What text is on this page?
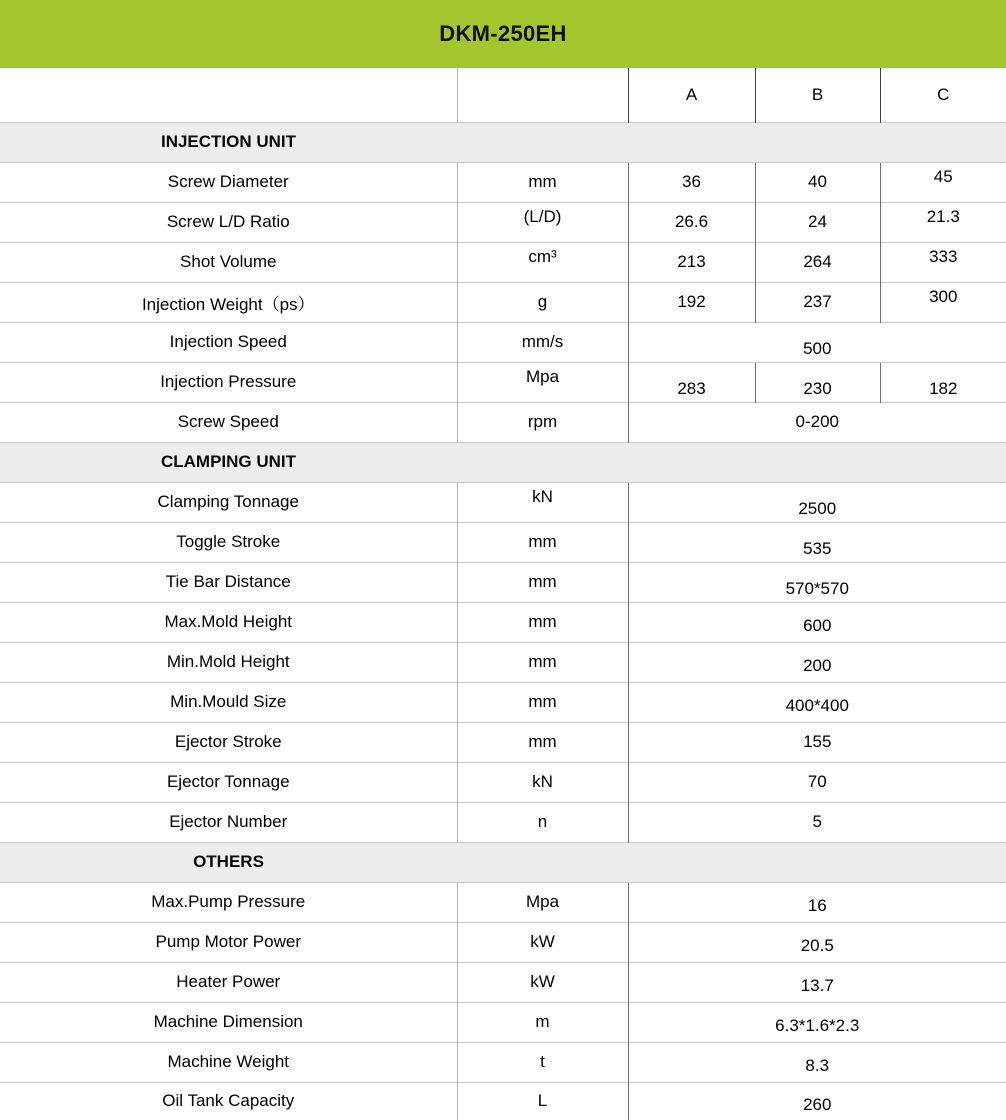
DKM-250EH
		A	B	C

INJECTION UNIT				

Screw Diameter	mm	36	40	45
Screw L/D Ratio	(L/D)	26.6	24	21.3
Shot Volume	cm³	213	264	333
Injection Weight（ps）	g	192	237	300
Injection Speed	mm/s	500		
Injection Pressure	Mpa	283	230	182
Screw Speed	rpm	0-200		

CLAMPING UNIT				

Clamping Tonnage	kN	2500		
Toggle Stroke	mm	535		
Tie Bar Distance	mm	570*570		
Max.Mold Height	mm	600		
Min.Mold Height	mm	200		
Min.Mould Size	mm	400*400		
Ejector Stroke	mm	155		
Ejector Tonnage	kN	70		
Ejector Number	n	5		

OTHERS				

Max.Pump Pressure	Mpa	16		
Pump Motor Power	kW	20.5		
Heater Power	kW	13.7		
Machine Dimension	m	6.3*1.6*2.3		
Machine Weight	t	8.3		
Oil Tank Capacity	L	260		
